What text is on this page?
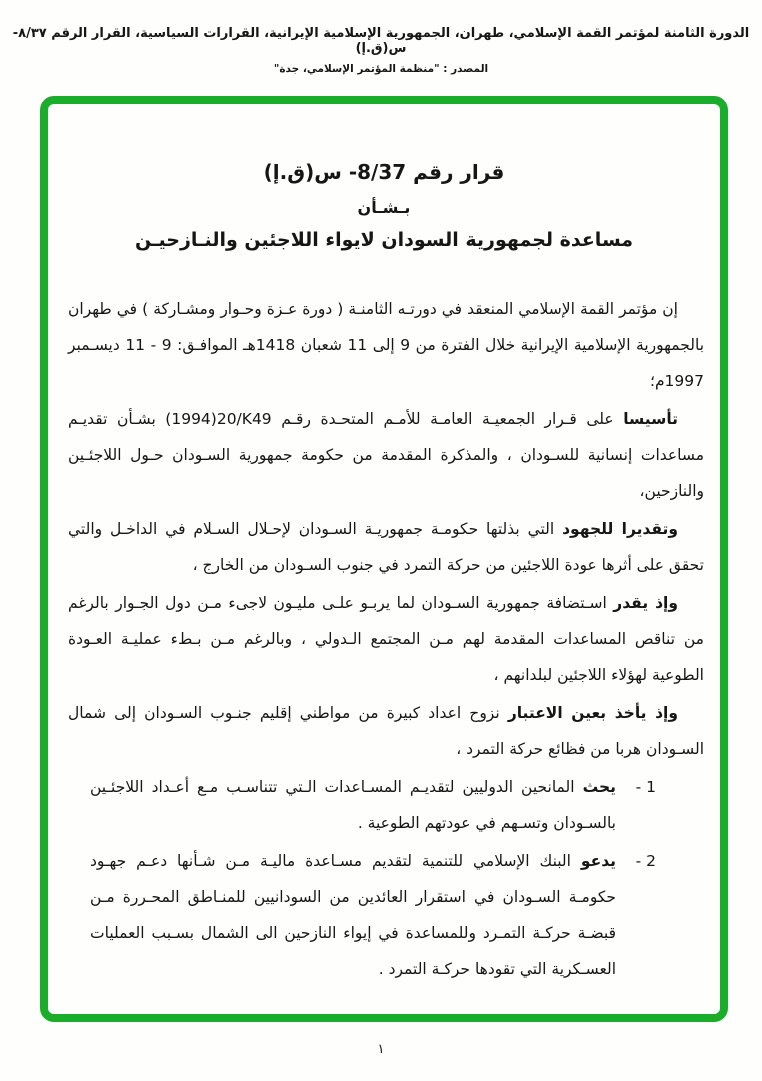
الدورة الثامنة لمؤتمر القمة الإسلامي، طهران، الجمهورية الإسلامية الإيرانية، القرارات السياسية، القرار الرقم ٨/٣٧-س(ق.إ)
المصدر : "منظمة المؤتمر الإسلامي، جدة"
قرار رقم 8/37- س(ق.إ)
بـشـأن
مساعدة لجمهورية السودان لايواء اللاجئين والنـازحيـن

إن مؤتمر القمة الإسلامي المنعقد في دورتـه الثامنـة ( دورة عـزة وحـوار ومشـاركة ) في طهران بالجمهورية الإسلامية الإيرانية خلال الفترة من 9 إلى 11 شعبان 1418هـ الموافـق: 9 - 11 ديسـمبر 1997م؛

تأسيسا على قـرار الجمعيـة العامـة للأمـم المتحـدة رقـم ⁦(1994)20/K49⁩ بشـأن تقديـم مساعدات إنسانية للسـودان ، والمذكرة المقدمة من حكومة جمهورية السـودان حـول اللاجئـين والنازحين،

وتقديرا للجهود التي بذلتها حكومـة جمهوريـة السـودان لإحـلال السـلام في الداخـل والتي تحقق على أثرها عودة اللاجئين من حركة التمرد في جنوب السـودان من الخارج ،

وإذ يقدر اسـتضافة جمهورية السـودان لما يربـو علـى مليـون لاجىء مـن دول الجـوار بالرغم من تناقص المساعدات المقدمة لهم مـن المجتمع الـدولي ، وبالرغم مـن بـطء عمليـة العـودة الطوعية لهؤلاء اللاجئين لبلدانهم ،

وإذ يأخذ بعين الاعتبار نزوح اعداد كبيرة من مواطني إقليم جنـوب السـودان إلى شمال السـودان هربا من فظائع حركة التمرد ،

1 -

يحث المانحين الدوليين لتقديـم المسـاعدات الـتي تتناسـب مـع أعـداد اللاجئـين بالسـودان وتسـهم في عودتهم الطوعية .

2 -

يدعو البنك الإسلامي للتنمية لتقديم مسـاعدة ماليـة مـن شـأنها دعـم جهـود حكومـة السـودان في استقرار العائدين من السودانيين للمنـاطق المحـررة مـن قبضـة حركـة التمـرد وللمساعدة في إيواء النازحين الى الشمال بسـبب العمليات العسـكرية التي تقودها حركـة التمرد .

١
